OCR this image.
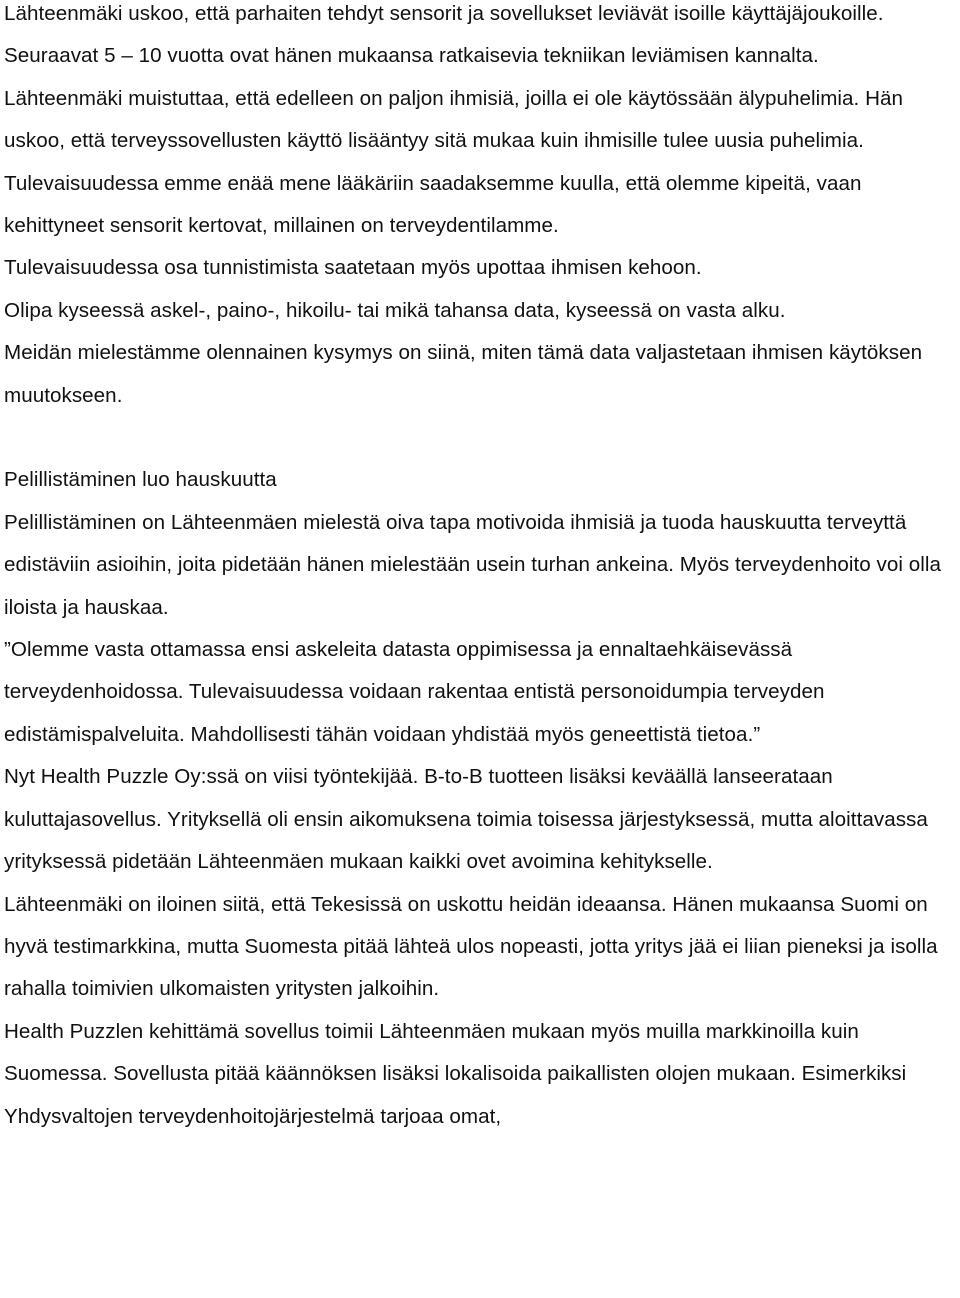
Lähteenmäki uskoo, että parhaiten tehdyt sensorit ja sovellukset leviävät isoille käyttäjäjoukoille. Seuraavat 5 – 10 vuotta ovat hänen mukaansa ratkaisevia tekniikan leviämisen kannalta.

Lähteenmäki muistuttaa, että edelleen on paljon ihmisiä, joilla ei ole käytössään älypuhelimia. Hän uskoo, että terveyssovellusten käyttö lisääntyy sitä mukaa kuin ihmisille tulee uusia puhelimia.

Tulevaisuudessa emme enää mene lääkäriin saadaksemme kuulla, että olemme kipeitä, vaan kehittyneet sensorit kertovat, millainen on terveydentilamme.

Tulevaisuudessa osa tunnistimista saatetaan myös upottaa ihmisen kehoon.

Olipa kyseessä askel-, paino-, hikoilu- tai mikä tahansa data, kyseessä on vasta alku.

Meidän mielestämme olennainen kysymys on siinä, miten tämä data valjastetaan ihmisen käytöksen muutokseen.

Pelillistäminen luo hauskuutta

Pelillistäminen on Lähteenmäen mielestä oiva tapa motivoida ihmisiä ja tuoda hauskuutta terveyttä edistäviin asioihin, joita pidetään hänen mielestään usein turhan ankeina. Myös terveydenhoito voi olla iloista ja hauskaa.

”Olemme vasta ottamassa ensi askeleita datasta oppimisessa ja ennaltaehkäisevässä terveydenhoidossa. Tulevaisuudessa voidaan rakentaa entistä personoidumpia terveyden edistämispalveluita. Mahdollisesti tähän voidaan yhdistää myös geneettistä tietoa.”

Nyt Health Puzzle Oy:ssä on viisi työntekijää. B-to-B tuotteen lisäksi keväällä lanseerataan kuluttajasovellus. Yrityksellä oli ensin aikomuksena toimia toisessa järjestyksessä, mutta aloittavassa yrityksessä pidetään Lähteenmäen mukaan kaikki ovet avoimina kehitykselle.

Lähteenmäki on iloinen siitä, että Tekesissä on uskottu heidän ideaansa. Hänen mukaansa Suomi on hyvä testimarkkina, mutta Suomesta pitää lähteä ulos nopeasti, jotta yritys jää ei liian pieneksi ja isolla rahalla toimivien ulkomaisten yritysten jalkoihin.

Health Puzzlen kehittämä sovellus toimii Lähteenmäen mukaan myös muilla markkinoilla kuin Suomessa. Sovellusta pitää käännöksen lisäksi lokalisoida paikallisten olojen mukaan. Esimerkiksi Yhdysvaltojen terveydenhoitojärjestelmä tarjoaa omat,
